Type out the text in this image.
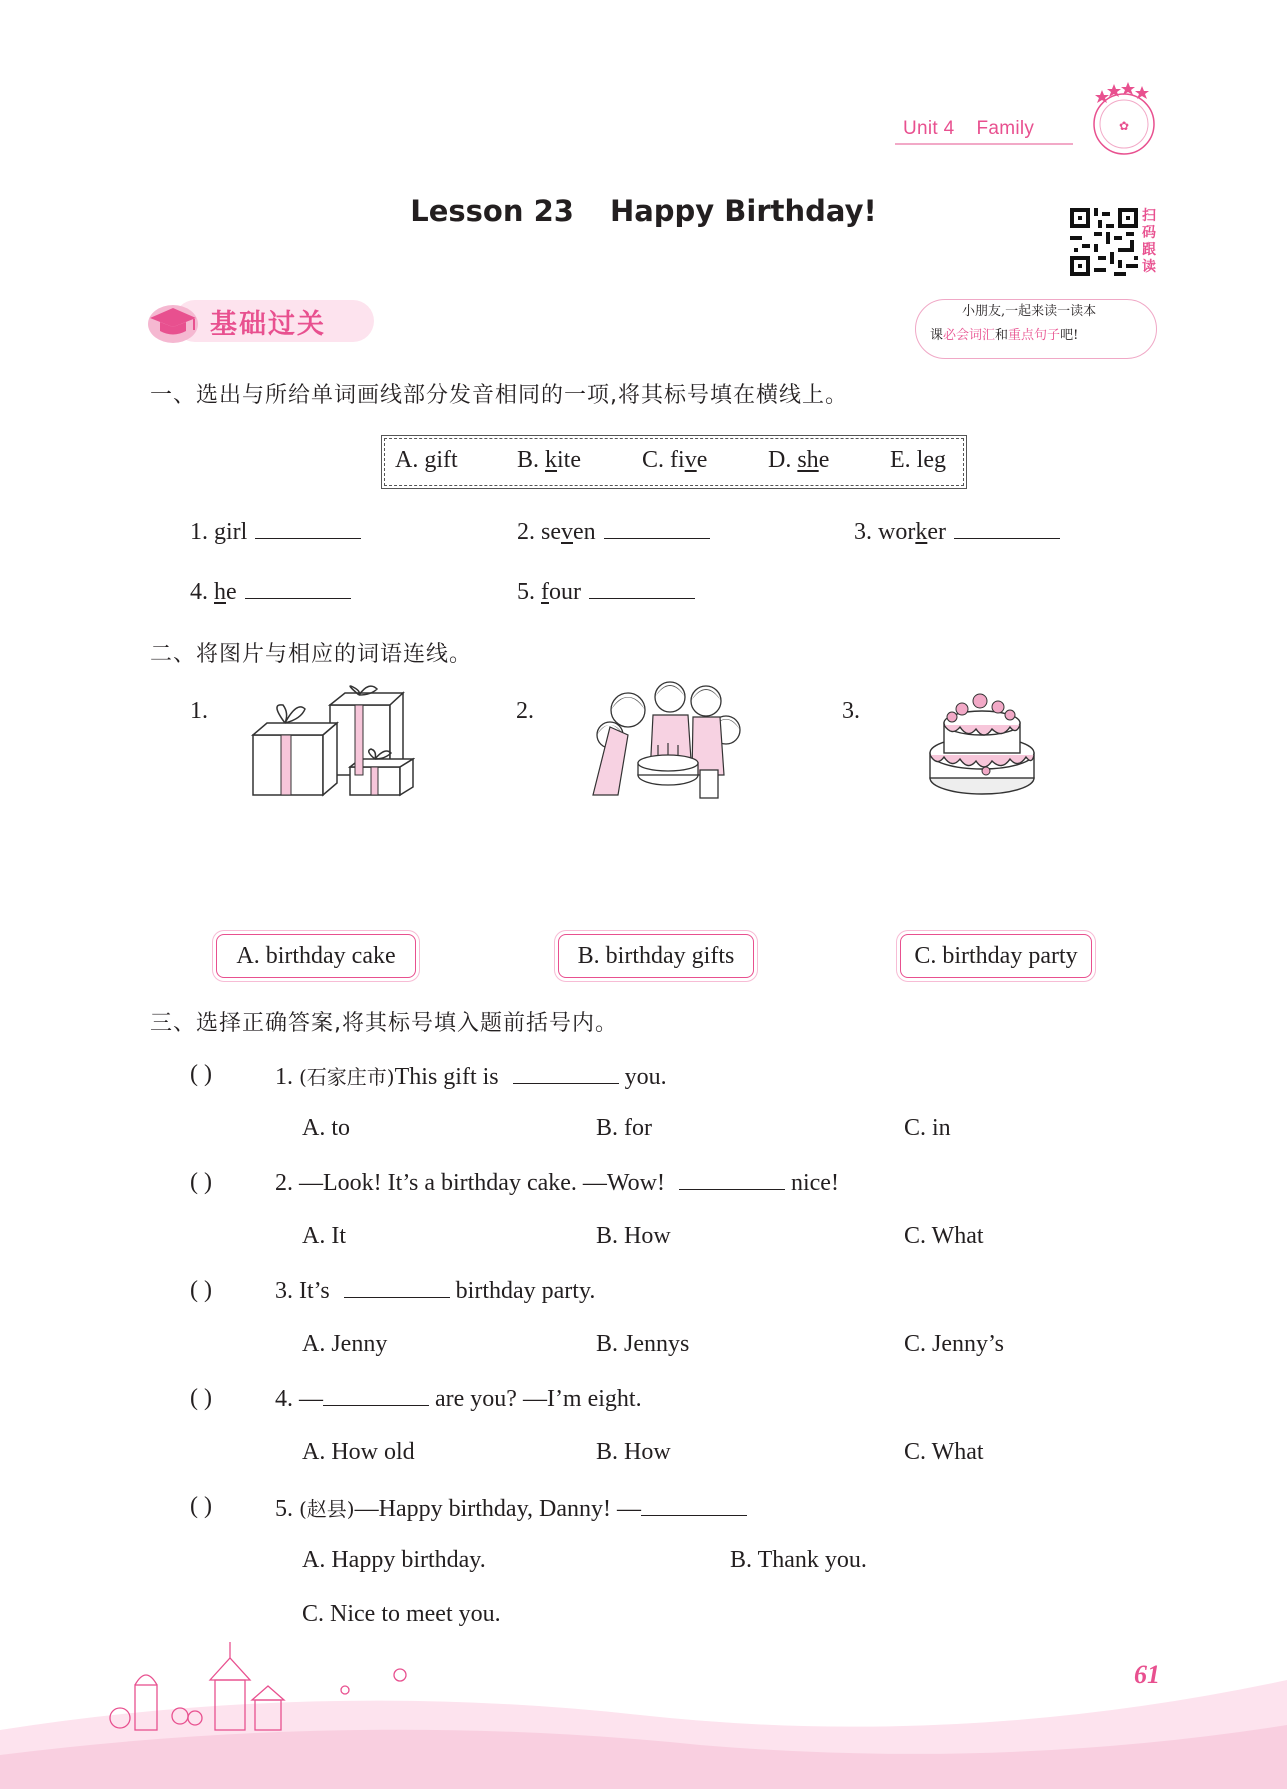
Unit 4 Family	✿
Lesson 23 Happy Birthday!	扫码跟读
基础过关	小朋友,一起来读一读本
课必会词汇和重点句子吧!
一、选出与所给单词画线部分发音相同的一项,将其标号填在横线上。
A. gift B. kite	C. five	D. she	E. leg
1. girl	2. seven	3. worker
4. he	5. four
二、将图片与相应的词语连线。
1.	2.	3.
A. birthday cake	B. birthday gifts	C. birthday party
三、选择正确答案,将其标号填入题前括号内。
( )	1. (石家庄市)This gift is	you.
A. to	B. for	C. in
( )	2. —Look! It’s a birthday cake. —Wow!	nice!
A. It	B. How	C. What
( )	3. It’s	birthday party.
A. Jenny	B. Jennys	C. Jenny’s
( )	4. —	are you? —I’m eight.
A. How old	B. How	C. What
( )	5. (赵县)—Happy birthday, Danny! —
A. Happy birthday.	B. Thank you.
C. Nice to meet you.
61
